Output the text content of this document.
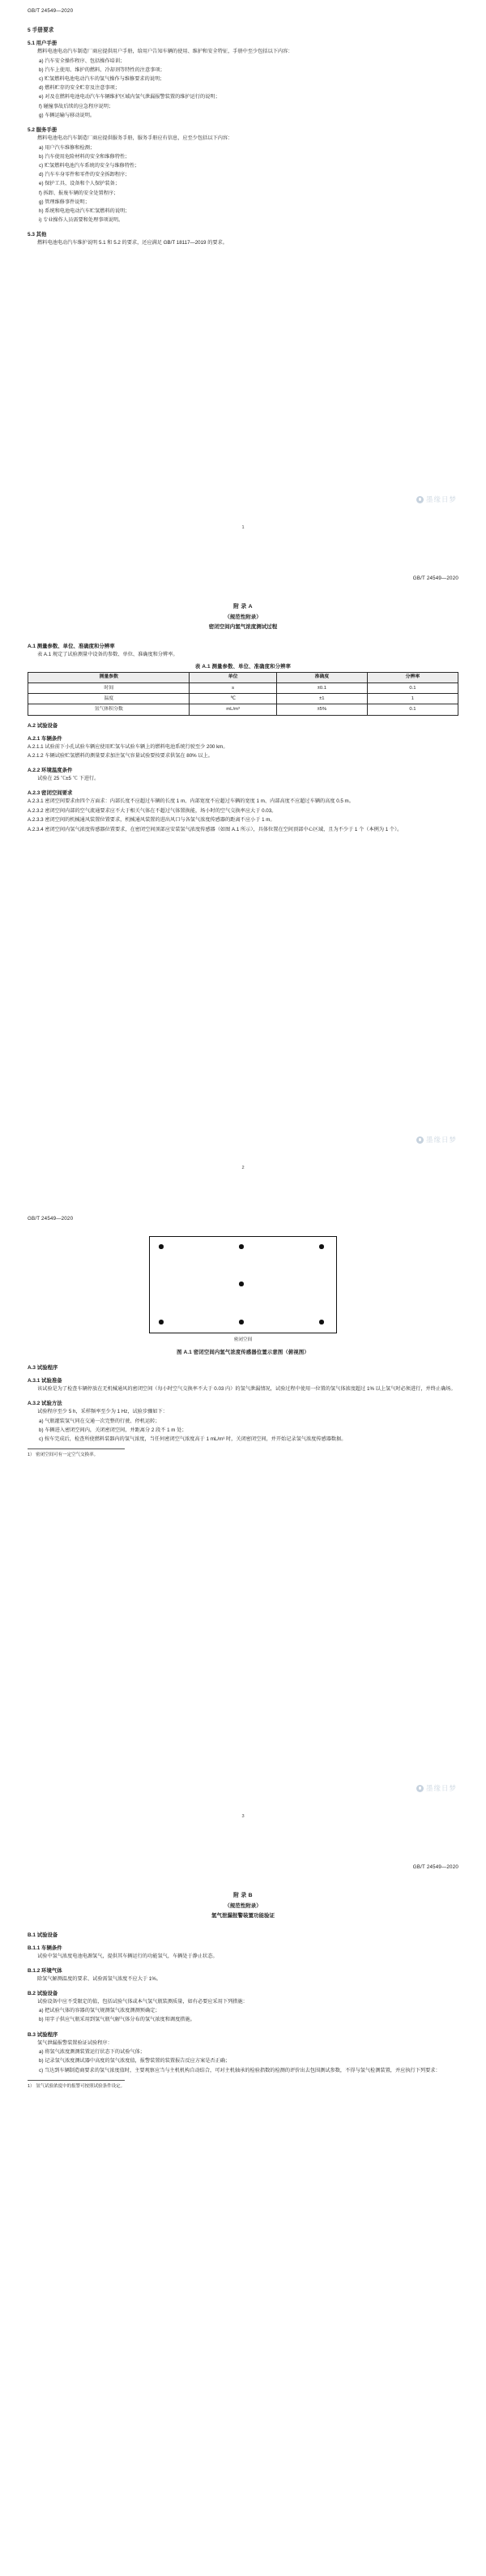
GB/T 24549—2020
5 手册要求
5.1 用户手册
燃料电池电动汽车制造厂商应提供用户手册，给用户告知车辆的使用、维护和安全特征，手册中至少包括以下内容：
a) 汽车安全操作程序、包括操作培训；
b) 汽车上使用、维护的燃料、冷却剂等特性的注意事项；
c) 贮氢燃料电池电动汽车的氢气操作与维修要求的说明；
d) 燃料贮存的安全贮存及注意事项；
e) 对及在燃料电池电动汽车车辆维护区域内氢气泄漏报警装置的维护运行的说明；
f) 碰撞事故后续的应急程序说明；
g) 车辆运输与移动说明。
5.2 服务手册
燃料电池电动汽车制造厂商应提供服务手册，服务手册应有信息，应至少包括以下内容：
a) 用户汽车维修和检测；
b) 汽车使用危险材料的安全和维修特性；
c) 贮氢燃料电池汽车系统的安全与维修特性；
d) 汽车车身零件和零件的安全拆卸程序；
e) 保护工具、设备和个人保护装备；
f) 拆卸、报废车辆的安全处置程序；
g) 管理维修事件说明；
h) 系统和电池电动汽车贮氢燃料的说明；
i) 专业操作人员需要和处理事项说明。
5.3 其他
燃料电池电动汽车维护说明 5.1 和 5.2 的要求，还应满足 GB/T 18117—2019 的要求。
1
墨缘日梦
GB/T 24549—2020
附 录 A
（规范性附录）
密闭空间内氢气浓度测试过程
A.1 测量参数、单位、准确度和分辨率
表 A.1 规定了试验测量中设备的参数、单位、准确度和分辨率。
表 A.1 测量参数、单位、准确度和分辨率
测量参数	单位	准确度	分辨率
时间	s	±0.1	0.1
温度	℃	±1	1
氢气体积分数	mL/m³	±5%	0.1
A.2 试验设备
A.2.1 车辆条件
A.2.1.1 试验前下小孔试验车辆应使用贮氢车试验车辆上的燃料电池系统行驶至少 200 km。
A.2.1.2 车辆试验贮氢燃料的测量要求加注氢气容量试验要按要求供氢在 80% 以上。
A.2.2 环境温度条件
试验在 25 ℃±5 ℃ 下进行。
A.2.3 密闭空间要求
A.2.3.1 密闭空间要求由四个方面求：内部长度不应超过车辆的长度 1 m、内部宽度不应超过车辆的宽度 1 m、内部高度不应超过车辆的高度 0.5 m。
A.2.3.2 密闭空间内部的空气流通要求应不大于相关气体在不超过气体置换能，场小时的空气交换率应大于 0.03。
A.2.3.3 密闭空间的机械通风装置位置要求，机械通风装置的进出风口与各氢气浓度传感器的距离不应小于 1 m。
A.2.3.4 密闭空间内氢气浓度传感器位置要求，在密闭空间顶部应安装氢气浓度传感器（如图 A.1 所示），具体位置在空间顶部中心区域，且为不少于 1 个（本例为 1 个）。
2
墨缘日梦
GB/T 24549—2020
密闭空间
图 A.1 密闭空间内氢气浓度传感器位置示意图（俯视图）
A.3 试验程序
A.3.1 试验准备
该试验是为了检查车辆停放在无机械通风的密闭空间（每小时空气交换率不大于 0.03 内）的氢气泄漏情况，试验过程中使用一位置的氢气体浓度超过 1% 以上氢气时必须进行，并终止确场。
A.3.2 试验方法
试验程序至少 5 h，采样频率至少为 1 Hz，试验步骤如下：
a) 气瓶灌装氢气同在交通一次完整的行驶、停机运转；
b) 车辆进入密闭空间内，关闭密闭空间，并距离分 2 段不 1 m 处；
c) 按车完成后，检查所使燃料装器内的氢气浓度，当任何密闭空气浓度高于 1 mL/m³ 时，关闭密闭空间，并开始记录氢气浓度传感器数据。
1） 密闭空间可有一定空气交换率。
3
墨缘日梦
GB/T 24549—2020
附 录 B
（规范性附录）
氢气泄漏报警装置功能验证
B.1 试验设备
B.1.1 车辆条件
试验中氢气浓度电池电源氢气，提供其车辆运行的功能氢气，车辆处于静止状态。
B.1.2 环境气体
除氢气解测温度的要求、试验需氢气浓度不应大于 1%。
B.2 试验设备
试验设备中应不受限定的值，包括试验气体或本气氢气瓶装测质量，如有必要应采用下列措施：
a) 把试验气体的容器的氢气规测氢气浓度测测预确定；
b) 用字子供应气瓶采用到氢气瓶气解气体分布的氢气浓度和调度措施。
B.3 试验程序
氢气泄漏报警装置验证试验程序：
a) 将氢气浓度测测装置运行状态下的试验气体；
b) 记录氢气浓度测试器中高度的氢气浓度值，报警装置的装置报告反应方案是否正确；
c) 当达到车辆制造商要求的氢气浓度值时，主要观察应当与主机机构自动结合，可对主机轴承的检验指数的检测的评价出去包围测试参数，不得与氢气检测装置，并应执行下列要求：
1） 氢气试验浓度中的报警可按照试验条件设定。
